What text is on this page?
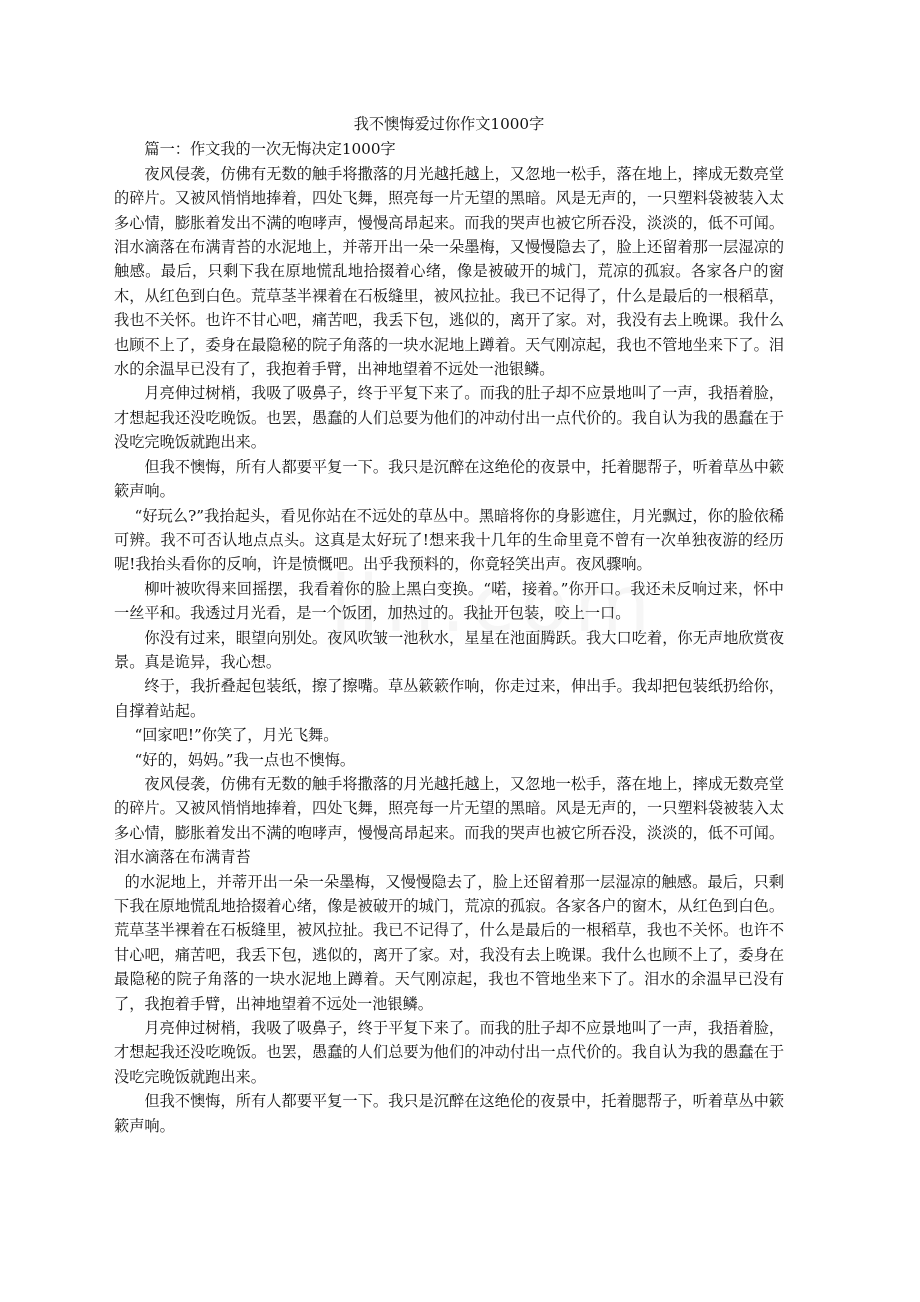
我不懊悔爱过你作文1000字

篇一：作文我的一次无悔决定1000字

夜风侵袭，仿佛有无数的触手将撒落的月光越托越上，又忽地一松手，落在地上，摔成无数亮堂的碎片。又被风悄悄地捧着，四处飞舞，照亮每一片无望的黑暗。风是无声的，一只塑料袋被装入太多心情，膨胀着发出不满的咆哮声，慢慢高昂起来。而我的哭声也被它所吞没，淡淡的，低不可闻。泪水滴落在布满青苔的水泥地上，并蒂开出一朵一朵墨梅，又慢慢隐去了，脸上还留着那一层湿凉的触感。最后，只剩下我在原地慌乱地拾掇着心绪，像是被破开的城门，荒凉的孤寂。各家各户的窗木，从红色到白色。荒草茎半裸着在石板缝里，被风拉扯。我已不记得了，什么是最后的一根稻草，我也不关怀。也许不甘心吧，痛苦吧，我丢下包，逃似的，离开了家。对，我没有去上晚课。我什么也顾不上了，委身在最隐秘的院子角落的一块水泥地上蹲着。天气刚凉起，我也不管地坐来下了。泪水的余温早已没有了，我抱着手臂，出神地望着不远处一池银鳞。

月亮伸过树梢，我吸了吸鼻子，终于平复下来了。而我的肚子却不应景地叫了一声，我捂着脸，才想起我还没吃晚饭。也罢，愚蠢的人们总要为他们的冲动付出一点代价的。我自认为我的愚蠢在于没吃完晚饭就跑出来。

但我不懊悔，所有人都要平复一下。我只是沉醉在这绝伦的夜景中，托着腮帮子，听着草丛中簌簌声响。

“好玩么?”我抬起头，看见你站在不远处的草丛中。黑暗将你的身影遮住，月光飘过，你的脸依稀可辨。我不可否认地点点头。这真是太好玩了!想来我十几年的生命里竟不曾有一次单独夜游的经历呢!我抬头看你的反响，许是愤慨吧。出乎我预料的，你竟轻笑出声。夜风骤响。

柳叶被吹得来回摇摆，我看着你的脸上黑白变换。“喏，接着。”你开口。我还未反响过来，怀中一丝平和。我透过月光看，是一个饭团，加热过的。我扯开包装，咬上一口。

你没有过来，眼望向别处。夜风吹皱一池秋水，星星在池面腾跃。我大口吃着，你无声地欣赏夜景。真是诡异，我心想。

终于，我折叠起包装纸，擦了擦嘴。草丛簌簌作响，你走过来，伸出手。我却把包装纸扔给你，自撑着站起。

“回家吧!”你笑了，月光飞舞。

“好的，妈妈。”我一点也不懊悔。

夜风侵袭，仿佛有无数的触手将撒落的月光越托越上，又忽地一松手，落在地上，摔成无数亮堂的碎片。又被风悄悄地捧着，四处飞舞，照亮每一片无望的黑暗。风是无声的，一只塑料袋被装入太多心情，膨胀着发出不满的咆哮声，慢慢高昂起来。而我的哭声也被它所吞没，淡淡的，低不可闻。泪水滴落在布满青苔

的水泥地上，并蒂开出一朵一朵墨梅，又慢慢隐去了，脸上还留着那一层湿凉的触感。最后，只剩下我在原地慌乱地拾掇着心绪，像是被破开的城门，荒凉的孤寂。各家各户的窗木，从红色到白色。荒草茎半裸着在石板缝里，被风拉扯。我已不记得了，什么是最后的一根稻草，我也不关怀。也许不甘心吧，痛苦吧，我丢下包，逃似的，离开了家。对，我没有去上晚课。我什么也顾不上了，委身在最隐秘的院子角落的一块水泥地上蹲着。天气刚凉起，我也不管地坐来下了。泪水的余温早已没有了，我抱着手臂，出神地望着不远处一池银鳞。

月亮伸过树梢，我吸了吸鼻子，终于平复下来了。而我的肚子却不应景地叫了一声，我捂着脸，才想起我还没吃晚饭。也罢，愚蠢的人们总要为他们的冲动付出一点代价的。我自认为我的愚蠢在于没吃完晚饭就跑出来。

但我不懊悔，所有人都要平复一下。我只是沉醉在这绝伦的夜景中，托着腮帮子，听着草丛中簌簌声响。
